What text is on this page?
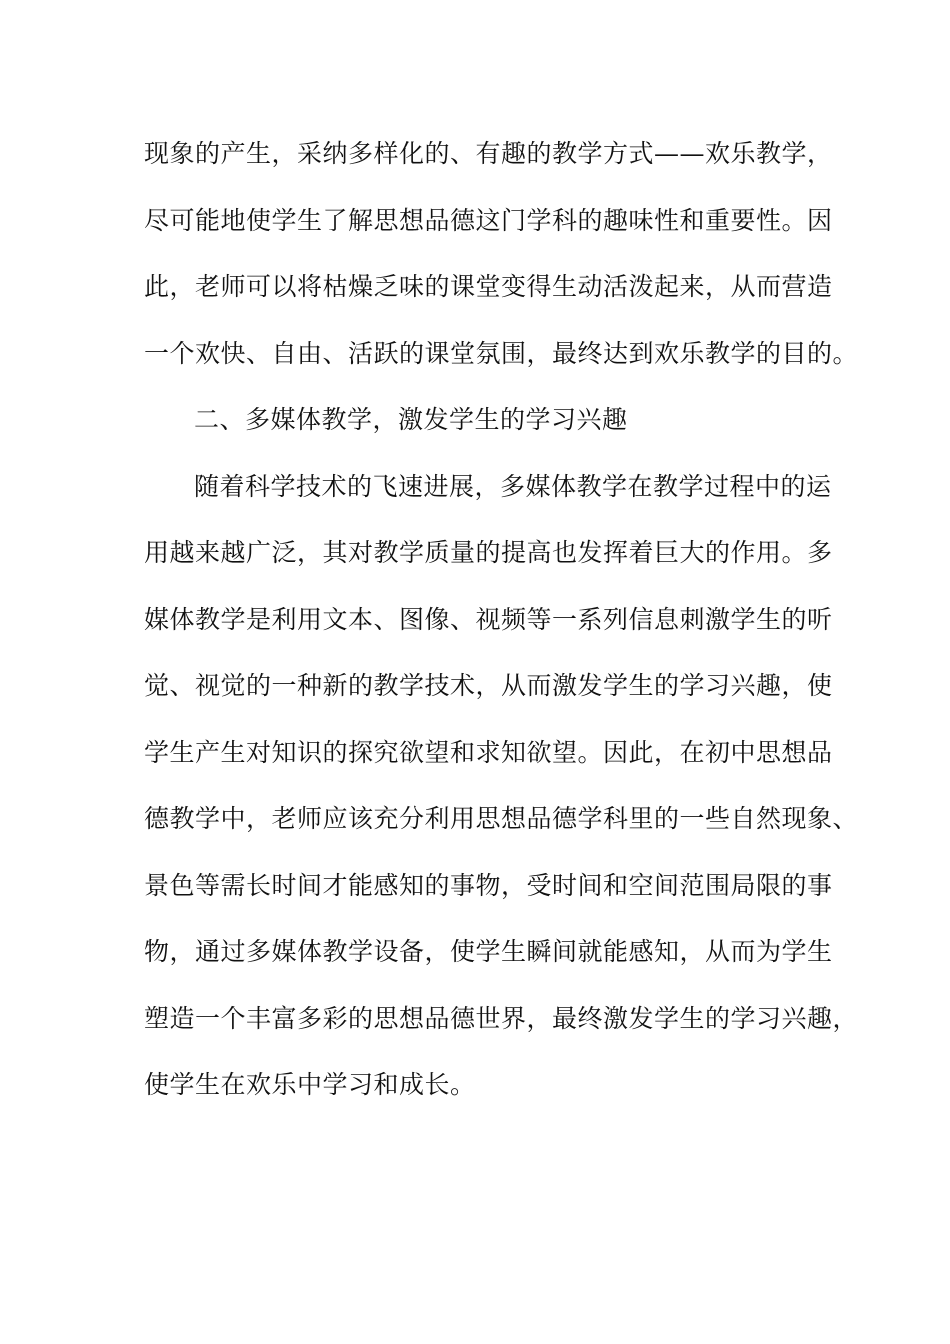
现象的产生，采纳多样化的、有趣的教学方式——欢乐教学，
尽可能地使学生了解思想品德这门学科的趣味性和重要性。因
此，老师可以将枯燥乏味的课堂变得生动活泼起来，从而营造
一个欢快、自由、活跃的课堂氛围，最终达到欢乐教学的目的。
二、多媒体教学，激发学生的学习兴趣
随着科学技术的飞速进展，多媒体教学在教学过程中的运
用越来越广泛，其对教学质量的提高也发挥着巨大的作用。多
媒体教学是利用文本、图像、视频等一系列信息刺激学生的听
觉、视觉的一种新的教学技术，从而激发学生的学习兴趣，使
学生产生对知识的探究欲望和求知欲望。因此，在初中思想品
德教学中，老师应该充分利用思想品德学科里的一些自然现象、
景色等需长时间才能感知的事物，受时间和空间范围局限的事
物，通过多媒体教学设备，使学生瞬间就能感知，从而为学生
塑造一个丰富多彩的思想品德世界，最终激发学生的学习兴趣，
使学生在欢乐中学习和成长。
